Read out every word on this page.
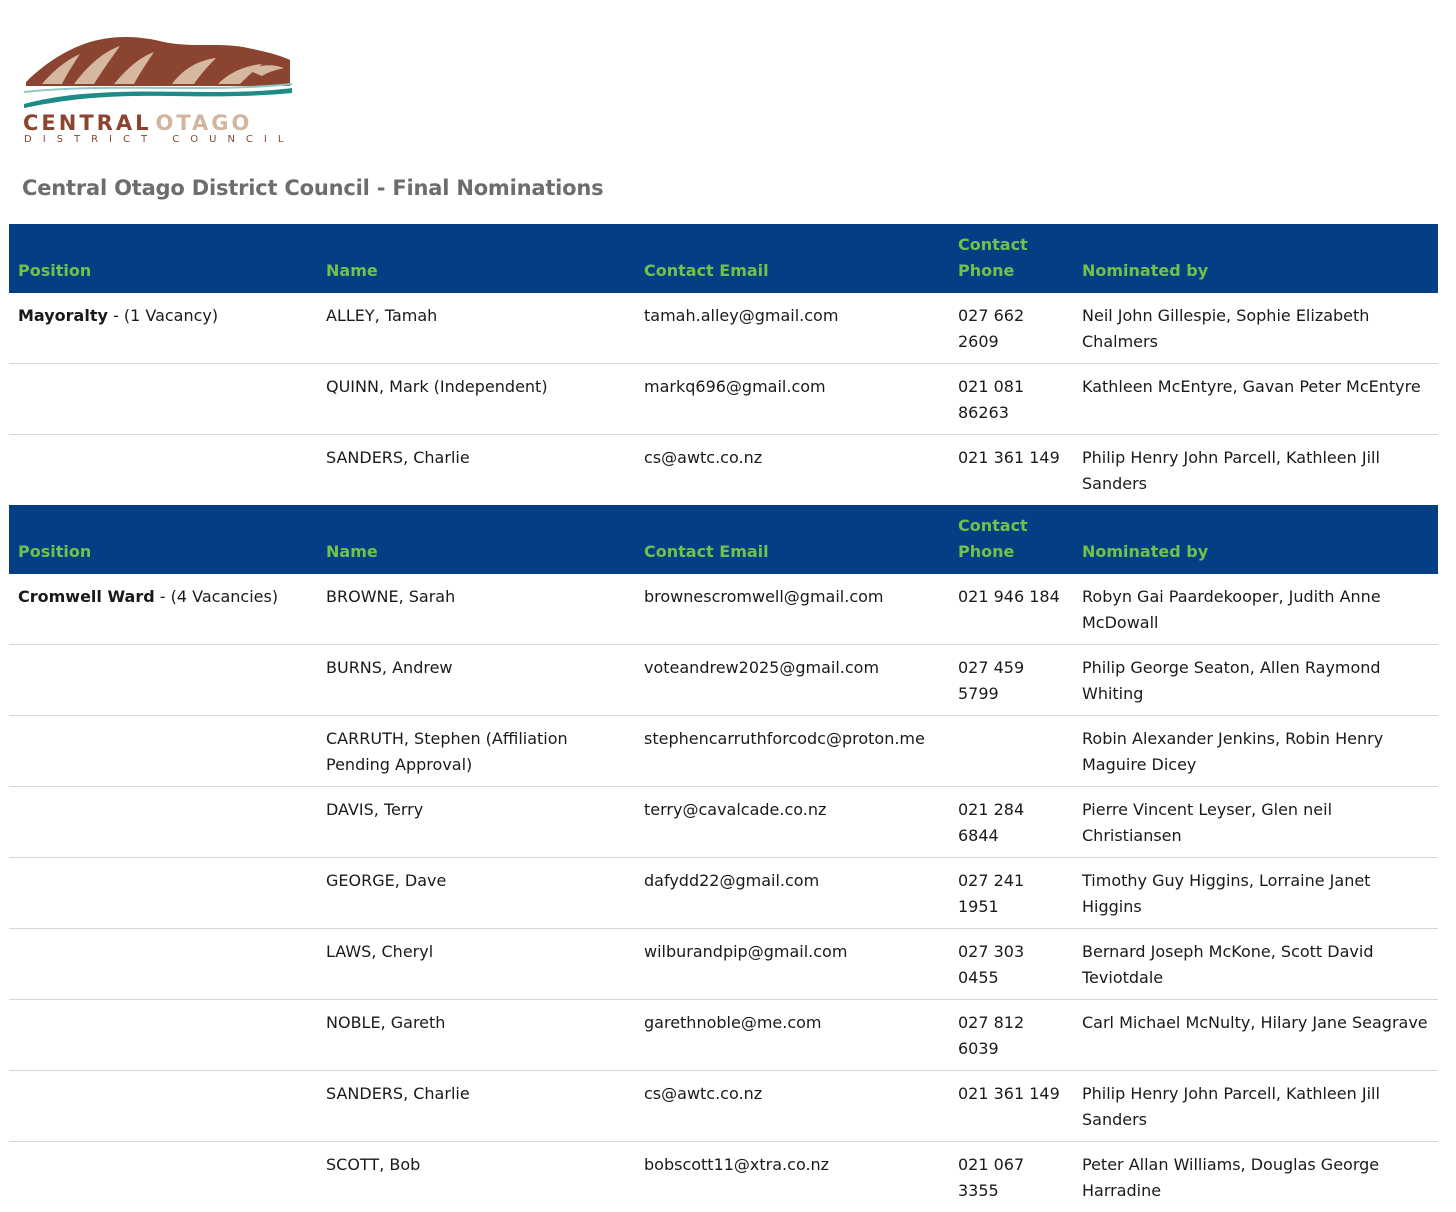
CENTRAL OTAGO
DISTRICT COUNCIL
Central Otago District Council - Final Nominations
Position	Name	Contact Email	Contact Phone	Nominated by
Mayoralty - (1 Vacancy)	ALLEY, Tamah	tamah.alley@gmail.com	027 662 2609	Neil John Gillespie, Sophie Elizabeth Chalmers
	QUINN, Mark (Independent)	markq696@gmail.com	021 081 86263	Kathleen McEntyre, Gavan Peter McEntyre
	SANDERS, Charlie	cs@awtc.co.nz	021 361 149	Philip Henry John Parcell, Kathleen Jill Sanders
Position	Name	Contact Email	Contact Phone	Nominated by
Cromwell Ward - (4 Vacancies)	BROWNE, Sarah	brownescromwell@gmail.com	021 946 184	Robyn Gai Paardekooper, Judith Anne McDowall
	BURNS, Andrew	voteandrew2025@gmail.com	027 459 5799	Philip George Seaton, Allen Raymond Whiting
	CARRUTH, Stephen (Affiliation Pending Approval)	stephencarruthforcodc@proton.me		Robin Alexander Jenkins, Robin Henry Maguire Dicey
	DAVIS, Terry	terry@cavalcade.co.nz	021 284 6844	Pierre Vincent Leyser, Glen neil Christiansen
	GEORGE, Dave	dafydd22@gmail.com	027 241 1951	Timothy Guy Higgins, Lorraine Janet Higgins
	LAWS, Cheryl	wilburandpip@gmail.com	027 303 0455	Bernard Joseph McKone, Scott David Teviotdale
	NOBLE, Gareth	garethnoble@me.com	027 812 6039	Carl Michael McNulty, Hilary Jane Seagrave
	SANDERS, Charlie	cs@awtc.co.nz	021 361 149	Philip Henry John Parcell, Kathleen Jill Sanders
	SCOTT, Bob	bobscott11@xtra.co.nz	021 067 3355	Peter Allan Williams, Douglas George Harradine
